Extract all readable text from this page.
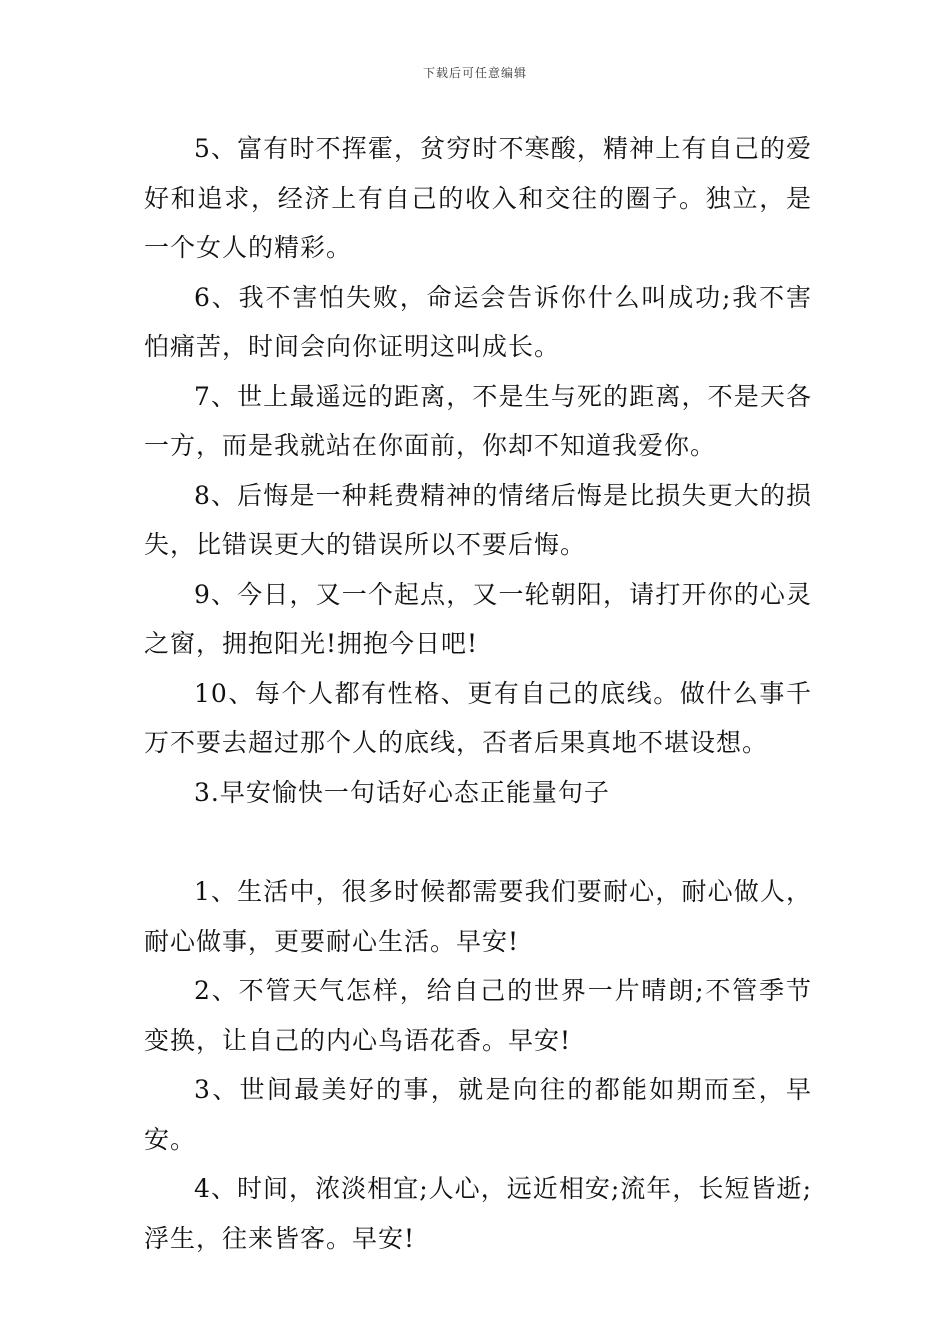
下载后可任意编辑

5、富有时不挥霍，贫穷时不寒酸，精神上有自己的爱好和追求，经济上有自己的收入和交往的圈子。独立，是一个女人的精彩。

6、我不害怕失败，命运会告诉你什么叫成功;我不害怕痛苦，时间会向你证明这叫成长。

7、世上最遥远的距离，不是生与死的距离，不是天各一方，而是我就站在你面前，你却不知道我爱你。

8、后悔是一种耗费精神的情绪后悔是比损失更大的损失，比错误更大的错误所以不要后悔。

9、今日，又一个起点，又一轮朝阳，请打开你的心灵之窗，拥抱阳光!拥抱今日吧!

10、每个人都有性格、更有自己的底线。做什么事千万不要去超过那个人的底线，否者后果真地不堪设想。

3.早安愉快一句话好心态正能量句子

1、生活中，很多时候都需要我们要耐心，耐心做人，耐心做事，更要耐心生活。早安!

2、不管天气怎样，给自己的世界一片晴朗;不管季节变换，让自己的内心鸟语花香。早安!

3、世间最美好的事，就是向往的都能如期而至，早安。

4、时间，浓淡相宜;人心，远近相安;流年，长短皆逝;浮生，往来皆客。早安!
